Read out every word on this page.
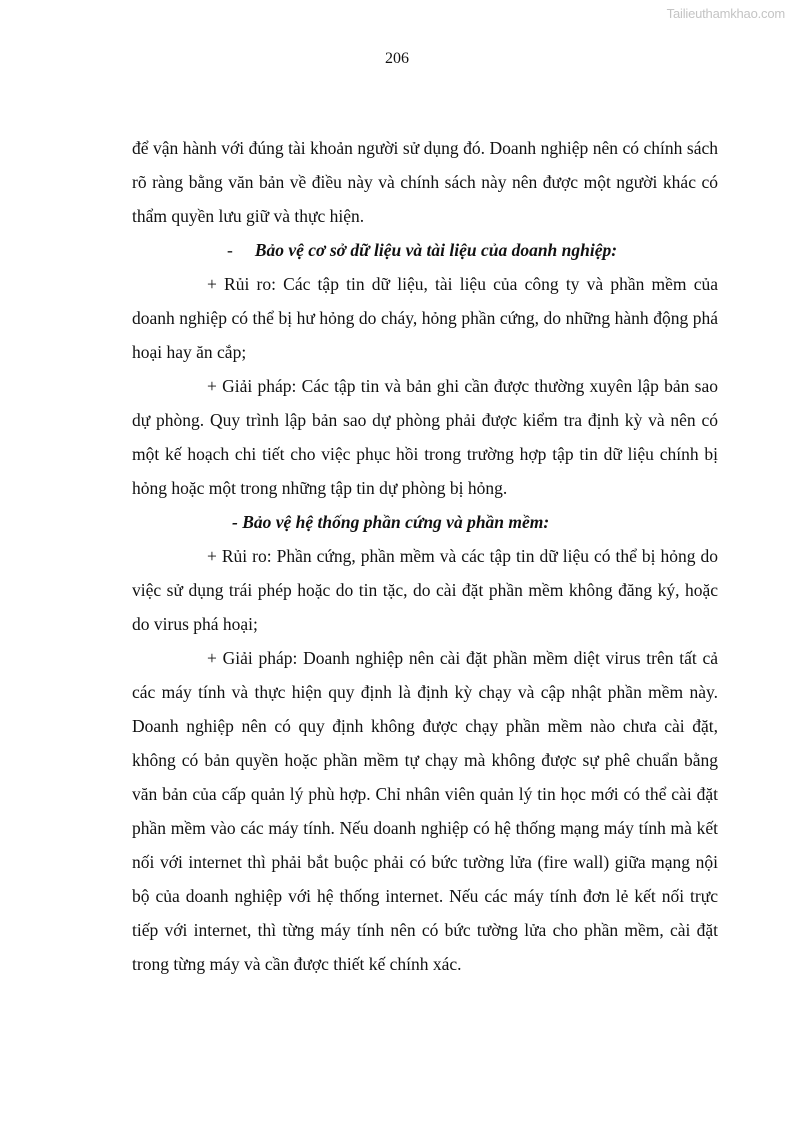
Tailieuthamkhao.com
206

để vận hành với đúng tài khoản người sử dụng đó. Doanh nghiệp nên có chính sách rõ ràng bằng văn bản về điều này và chính sách này nên được một người khác có thẩm quyền lưu giữ và thực hiện.

- Bảo vệ cơ sở dữ liệu và tài liệu của doanh nghiệp:

+ Rủi ro: Các tập tin dữ liệu, tài liệu của công ty và phần mềm của doanh nghiệp có thể bị hư hỏng do cháy, hỏng phần cứng, do những hành động phá hoại hay ăn cắp;

+ Giải pháp: Các tập tin và bản ghi cần được thường xuyên lập bản sao dự phòng. Quy trình lập bản sao dự phòng phải được kiểm tra định kỳ và nên có một kế hoạch chi tiết cho việc phục hồi trong trường hợp tập tin dữ liệu chính bị hỏng hoặc một trong những tập tin dự phòng bị hỏng.

- Bảo vệ hệ thống phần cứng và phần mềm:

+ Rủi ro: Phần cứng, phần mềm và các tập tin dữ liệu có thể bị hỏng do việc sử dụng trái phép hoặc do tin tặc, do cài đặt phần mềm không đăng ký, hoặc do virus phá hoại;

+ Giải pháp: Doanh nghiệp nên cài đặt phần mềm diệt virus trên tất cả các máy tính và thực hiện quy định là định kỳ chạy và cập nhật phần mềm này. Doanh nghiệp nên có quy định không được chạy phần mềm nào chưa cài đặt, không có bản quyền hoặc phần mềm tự chạy mà không được sự phê chuẩn bằng văn bản của cấp quản lý phù hợp. Chỉ nhân viên quản lý tin học mới có thể cài đặt phần mềm vào các máy tính. Nếu doanh nghiệp có hệ thống mạng máy tính mà kết nối với internet thì phải bắt buộc phải có bức tường lửa (fire wall) giữa mạng nội bộ của doanh nghiệp với hệ thống internet. Nếu các máy tính đơn lẻ kết nối trực tiếp với internet, thì từng máy tính nên có bức tường lửa cho phần mềm, cài đặt trong từng máy và cần được thiết kế chính xác.
